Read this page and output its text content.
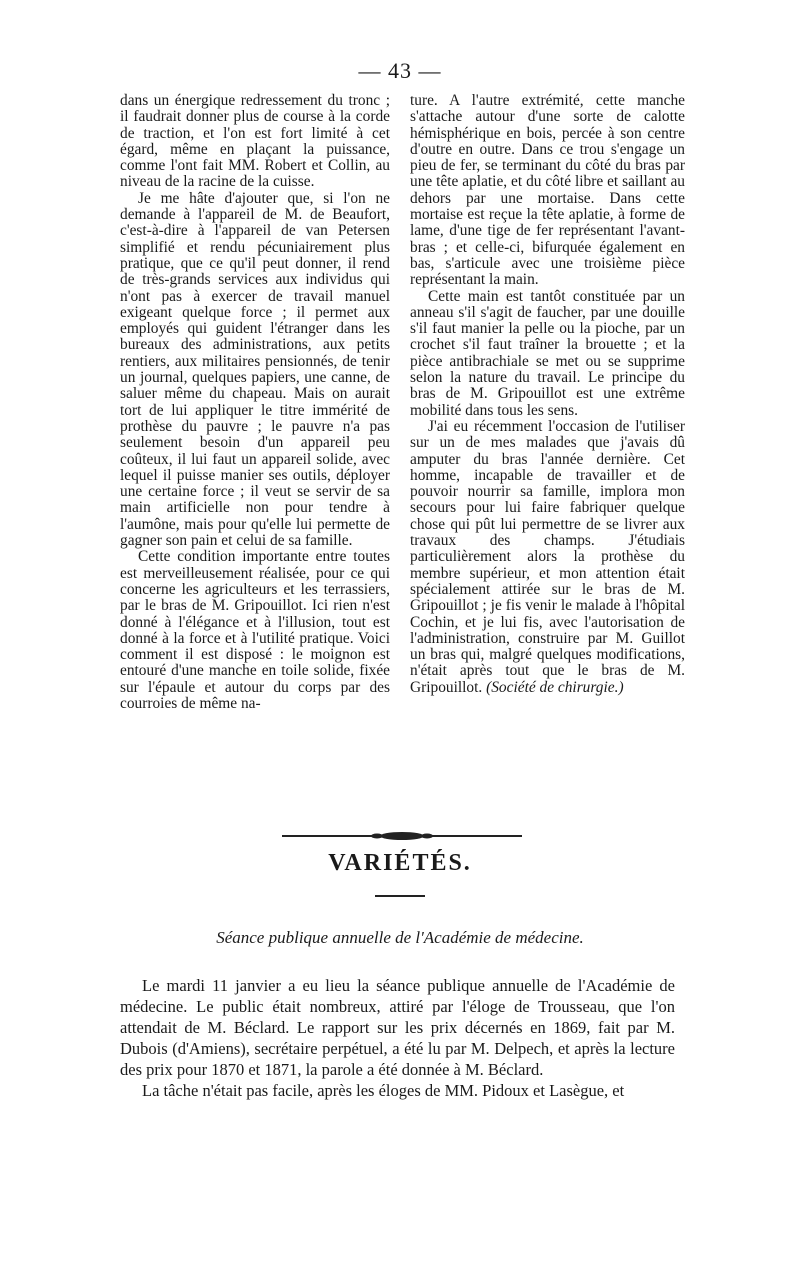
— 43 —

dans un énergique redressement du tronc ; il faudrait donner plus de course à la corde de traction, et l'on est fort limité à cet égard, même en plaçant la puissance, comme l'ont fait MM. Robert et Collin, au niveau de la racine de la cuisse.

Je me hâte d'ajouter que, si l'on ne demande à l'appareil de M. de Beaufort, c'est-à-dire à l'appareil de van Petersen simplifié et rendu pécuniairement plus pratique, que ce qu'il peut donner, il rend de très-grands services aux individus qui n'ont pas à exercer de travail manuel exigeant quelque force ; il permet aux employés qui guident l'étranger dans les bureaux des administrations, aux petits rentiers, aux militaires pensionnés, de tenir un journal, quelques papiers, une canne, de saluer même du chapeau. Mais on aurait tort de lui appliquer le titre immérité de prothèse du pauvre ; le pauvre n'a pas seulement besoin d'un appareil peu coûteux, il lui faut un appareil solide, avec lequel il puisse manier ses outils, déployer une certaine force ; il veut se servir de sa main artificielle non pour tendre à l'aumône, mais pour qu'elle lui permette de gagner son pain et celui de sa famille.

Cette condition importante entre toutes est merveilleusement réalisée, pour ce qui concerne les agriculteurs et les terrassiers, par le bras de M. Gripouillot. Ici rien n'est donné à l'élégance et à l'illusion, tout est donné à la force et à l'utilité pratique. Voici comment il est disposé : le moignon est entouré d'une manche en toile solide, fixée sur l'épaule et autour du corps par des courroies de même na-

ture. A l'autre extrémité, cette manche s'attache autour d'une sorte de calotte hémisphérique en bois, percée à son centre d'outre en outre. Dans ce trou s'engage un pieu de fer, se terminant du côté du bras par une tête aplatie, et du côté libre et saillant au dehors par une mortaise. Dans cette mortaise est reçue la tête aplatie, à forme de lame, d'une tige de fer représentant l'avant-bras ; et celle-ci, bifurquée également en bas, s'articule avec une troisième pièce représentant la main.

Cette main est tantôt constituée par un anneau s'il s'agit de faucher, par une douille s'il faut manier la pelle ou la pioche, par un crochet s'il faut traîner la brouette ; et la pièce antibrachiale se met ou se supprime selon la nature du travail. Le principe du bras de M. Gripouillot est une extrême mobilité dans tous les sens.

J'ai eu récemment l'occasion de l'utiliser sur un de mes malades que j'avais dû amputer du bras l'année dernière. Cet homme, incapable de travailler et de pouvoir nourrir sa famille, implora mon secours pour lui faire fabriquer quelque chose qui pût lui permettre de se livrer aux travaux des champs. J'étudiais particulièrement alors la prothèse du membre supérieur, et mon attention était spécialement attirée sur le bras de M. Gripouillot ; je fis venir le malade à l'hôpital Cochin, et je lui fis, avec l'autorisation de l'administration, construire par M. Guillot un bras qui, malgré quelques modifications, n'était après tout que le bras de M. Gripouillot. (Société de chirurgie.)

VARIÉTÉS.
Séance publique annuelle de l'Académie de médecine.

Le mardi 11 janvier a eu lieu la séance publique annuelle de l'Académie de médecine. Le public était nombreux, attiré par l'éloge de Trousseau, que l'on attendait de M. Béclard. Le rapport sur les prix décernés en 1869, fait par M. Dubois (d'Amiens), secrétaire perpétuel, a été lu par M. Delpech, et après la lecture des prix pour 1870 et 1871, la parole a été donnée à M. Béclard.

La tâche n'était pas facile, après les éloges de MM. Pidoux et Lasègue, et
